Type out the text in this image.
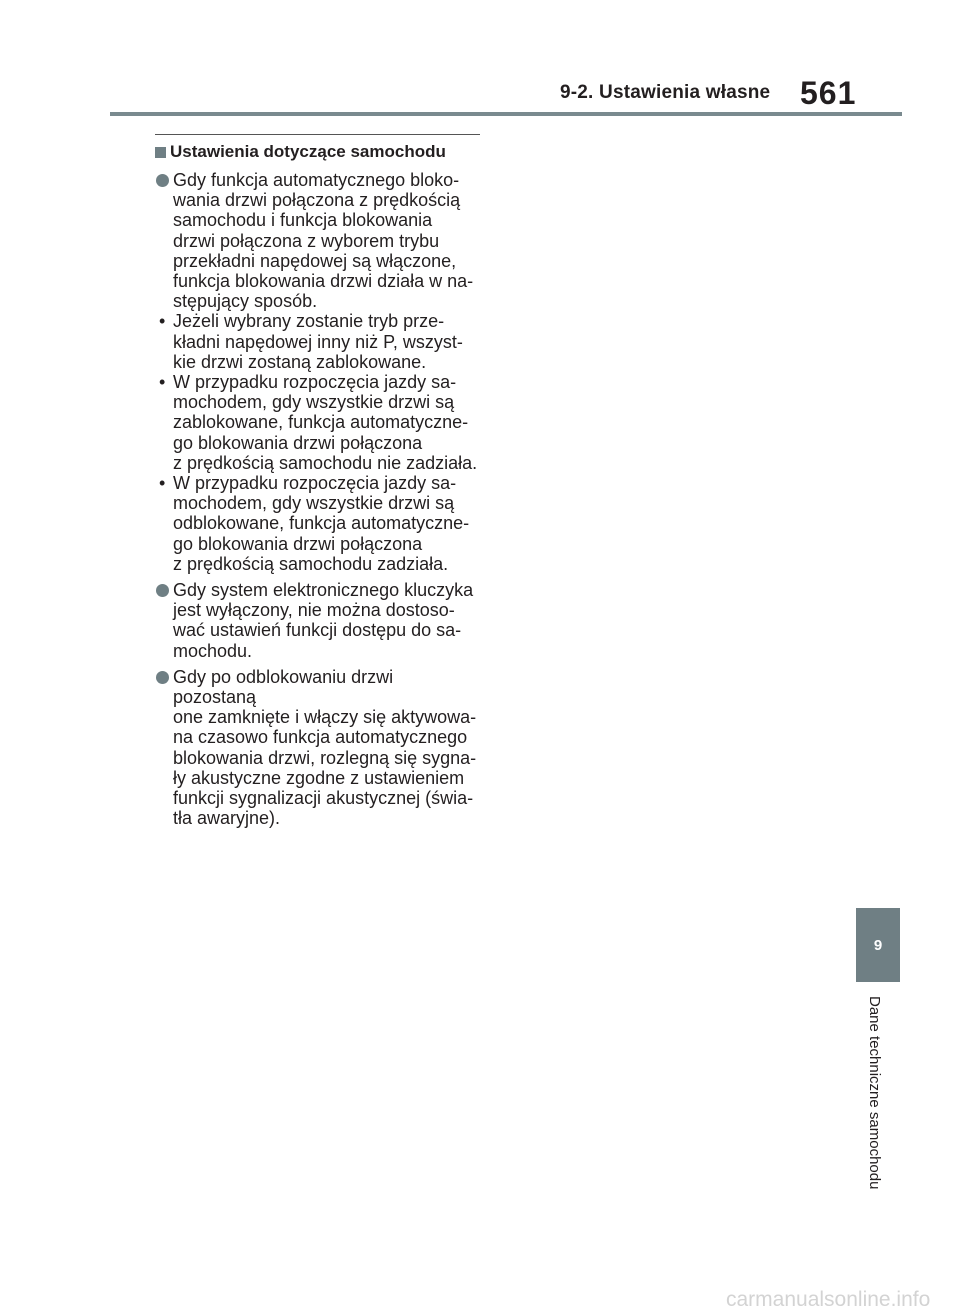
9-2. Ustawienia własne 561
Ustawienia dotyczące samochodu
Gdy funkcja automatycznego bloko-
wania drzwi połączona z prędkością
samochodu i funkcja blokowania
drzwi połączona z wyborem trybu
przekładni napędowej są włączone,
funkcja blokowania drzwi działa w na-
stępujący sposób.
• Jeżeli wybrany zostanie tryb prze-
kładni napędowej inny niż P, wszyst-
kie drzwi zostaną zablokowane.
• W przypadku rozpoczęcia jazdy sa-
mochodem, gdy wszystkie drzwi są
zablokowane, funkcja automatyczne-
go blokowania drzwi połączona
z prędkością samochodu nie zadziała.
• W przypadku rozpoczęcia jazdy sa-
mochodem, gdy wszystkie drzwi są
odblokowane, funkcja automatyczne-
go blokowania drzwi połączona
z prędkością samochodu zadziała.
Gdy system elektronicznego kluczyka
jest wyłączony, nie można dostoso-
wać ustawień funkcji dostępu do sa-
mochodu.
Gdy po odblokowaniu drzwi pozostaną
one zamknięte i włączy się aktywowa-
na czasowo funkcja automatycznego
blokowania drzwi, rozlegną się sygna-
ły akustyczne zgodne z ustawieniem
funkcji sygnalizacji akustycznej (świa-
tła awaryjne).
9
Dane techniczne samochodu
carmanualsonline.info
